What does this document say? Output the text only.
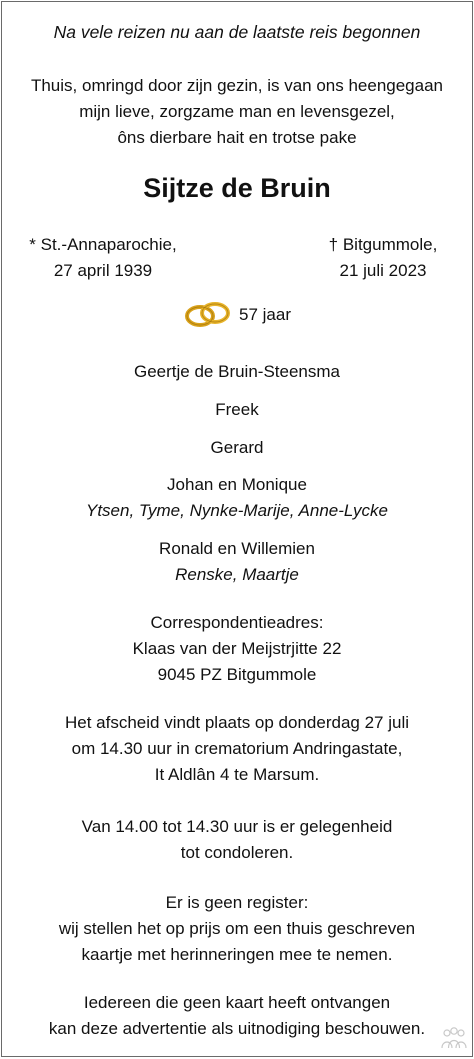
Na vele reizen nu aan de laatste reis begonnen
Thuis, omringd door zijn gezin, is van ons heengegaan
mijn lieve, zorgzame man en levensgezel,
ôns dierbare hait en trotse pake
Sijtze de Bruin
* St.-Annaparochie,
27 april 1939
† Bitgummole,
21 juli 2023
57 jaar
Geertje de Bruin-Steensma
Freek
Gerard
Johan en Monique
Ytsen, Tyme, Nynke-Marije, Anne-Lycke
Ronald en Willemien
Renske, Maartje
Correspondentieadres:
Klaas van der Meijstrjitte 22
9045 PZ Bitgummole
Het afscheid vindt plaats op donderdag 27 juli
om 14.30 uur in crematorium Andringastate,
It Aldlân 4 te Marsum.
Van 14.00 tot 14.30 uur is er gelegenheid
tot condoleren.
Er is geen register:
wij stellen het op prijs om een thuis geschreven
kaartje met herinneringen mee te nemen.
Iedereen die geen kaart heeft ontvangen
kan deze advertentie als uitnodiging beschouwen.
